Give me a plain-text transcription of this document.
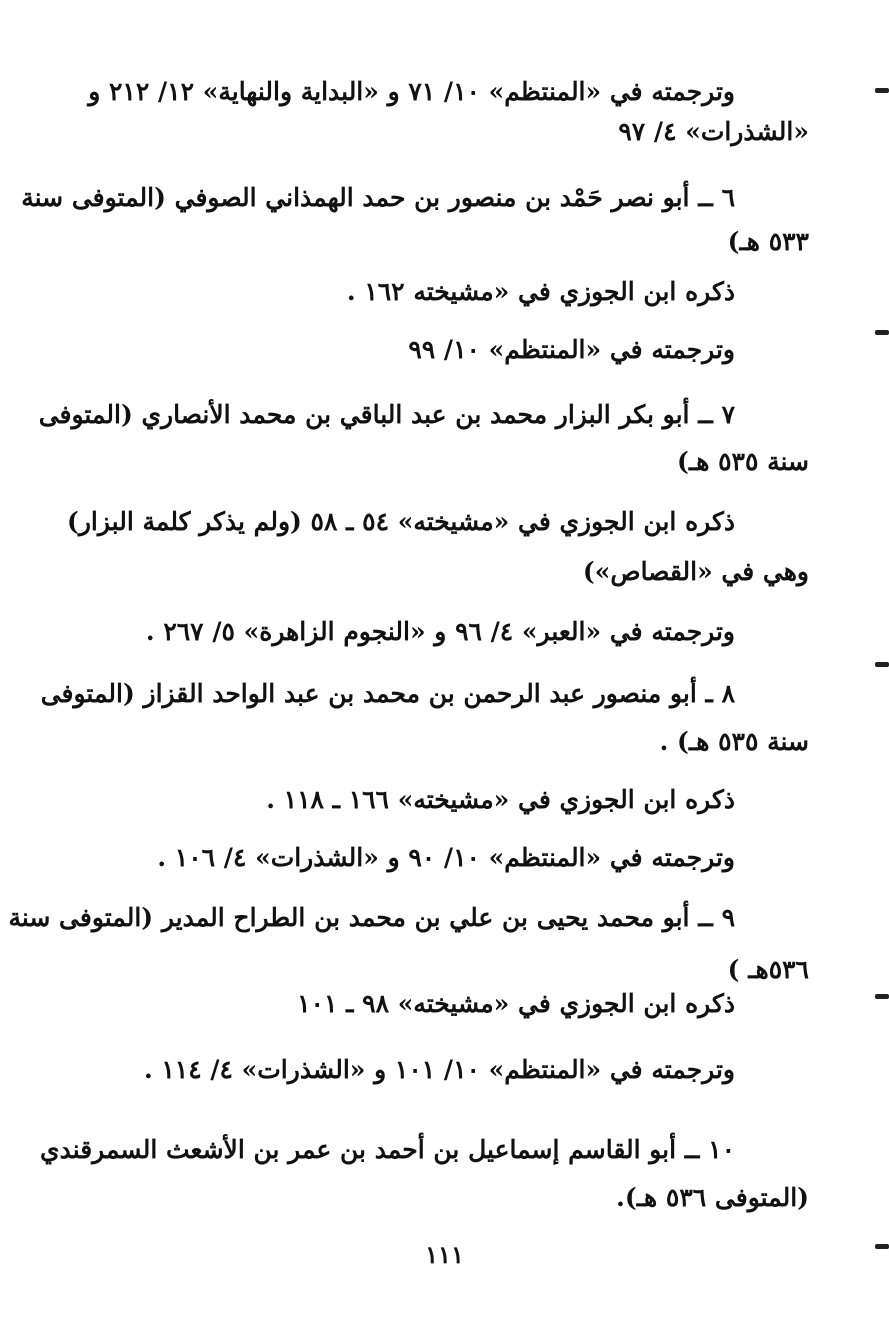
وترجمته في «المنتظم» ١٠/ ٧١ و «البداية والنهاية» ١٢/ ٢١٢ و
«الشذرات» ٤/ ٩٧
٦ ــ أبو نصر حَمْد بن منصور بن حمد الهمذاني الصوفي (المتوفى سنة
٥٣٣ هـ)
ذكره ابن الجوزي في «مشيخته ١٦٢ .
وترجمته في «المنتظم» ١٠/ ٩٩
٧ ــ أبو بكر البزار محمد بن عبد الباقي بن محمد الأنصاري (المتوفى
سنة ٥٣٥ هـ)
ذكره ابن الجوزي في «مشيخته» ٥٤ ـ ٥٨ (ولم يذكر كلمة البزار)
وهي في «القصاص»)
وترجمته في «العبر» ٤/ ٩٦ و «النجوم الزاهرة» ٥/ ٢٦٧ .
٨ ـ أبو منصور عبد الرحمن بن محمد بن عبد الواحد القزاز (المتوفى
سنة ٥٣٥ هـ) .
ذكره ابن الجوزي في «مشيخته» ١٦٦ ـ ١١٨ .
وترجمته في «المنتظم» ١٠/ ٩٠ و «الشذرات» ٤/ ١٠٦ .
٩ ــ أبو محمد يحيى بن علي بن محمد بن الطراح المدير (المتوفى سنة
٥٣٦هـ )
ذكره ابن الجوزي في «مشيخته» ٩٨ ـ ١٠١
وترجمته في «المنتظم» ١٠/ ١٠١ و «الشذرات» ٤/ ١١٤ .
١٠ ــ أبو القاسم إسماعيل بن أحمد بن عمر بن الأشعث السمرقندي
(المتوفى ٥٣٦ هـ).
١١١
